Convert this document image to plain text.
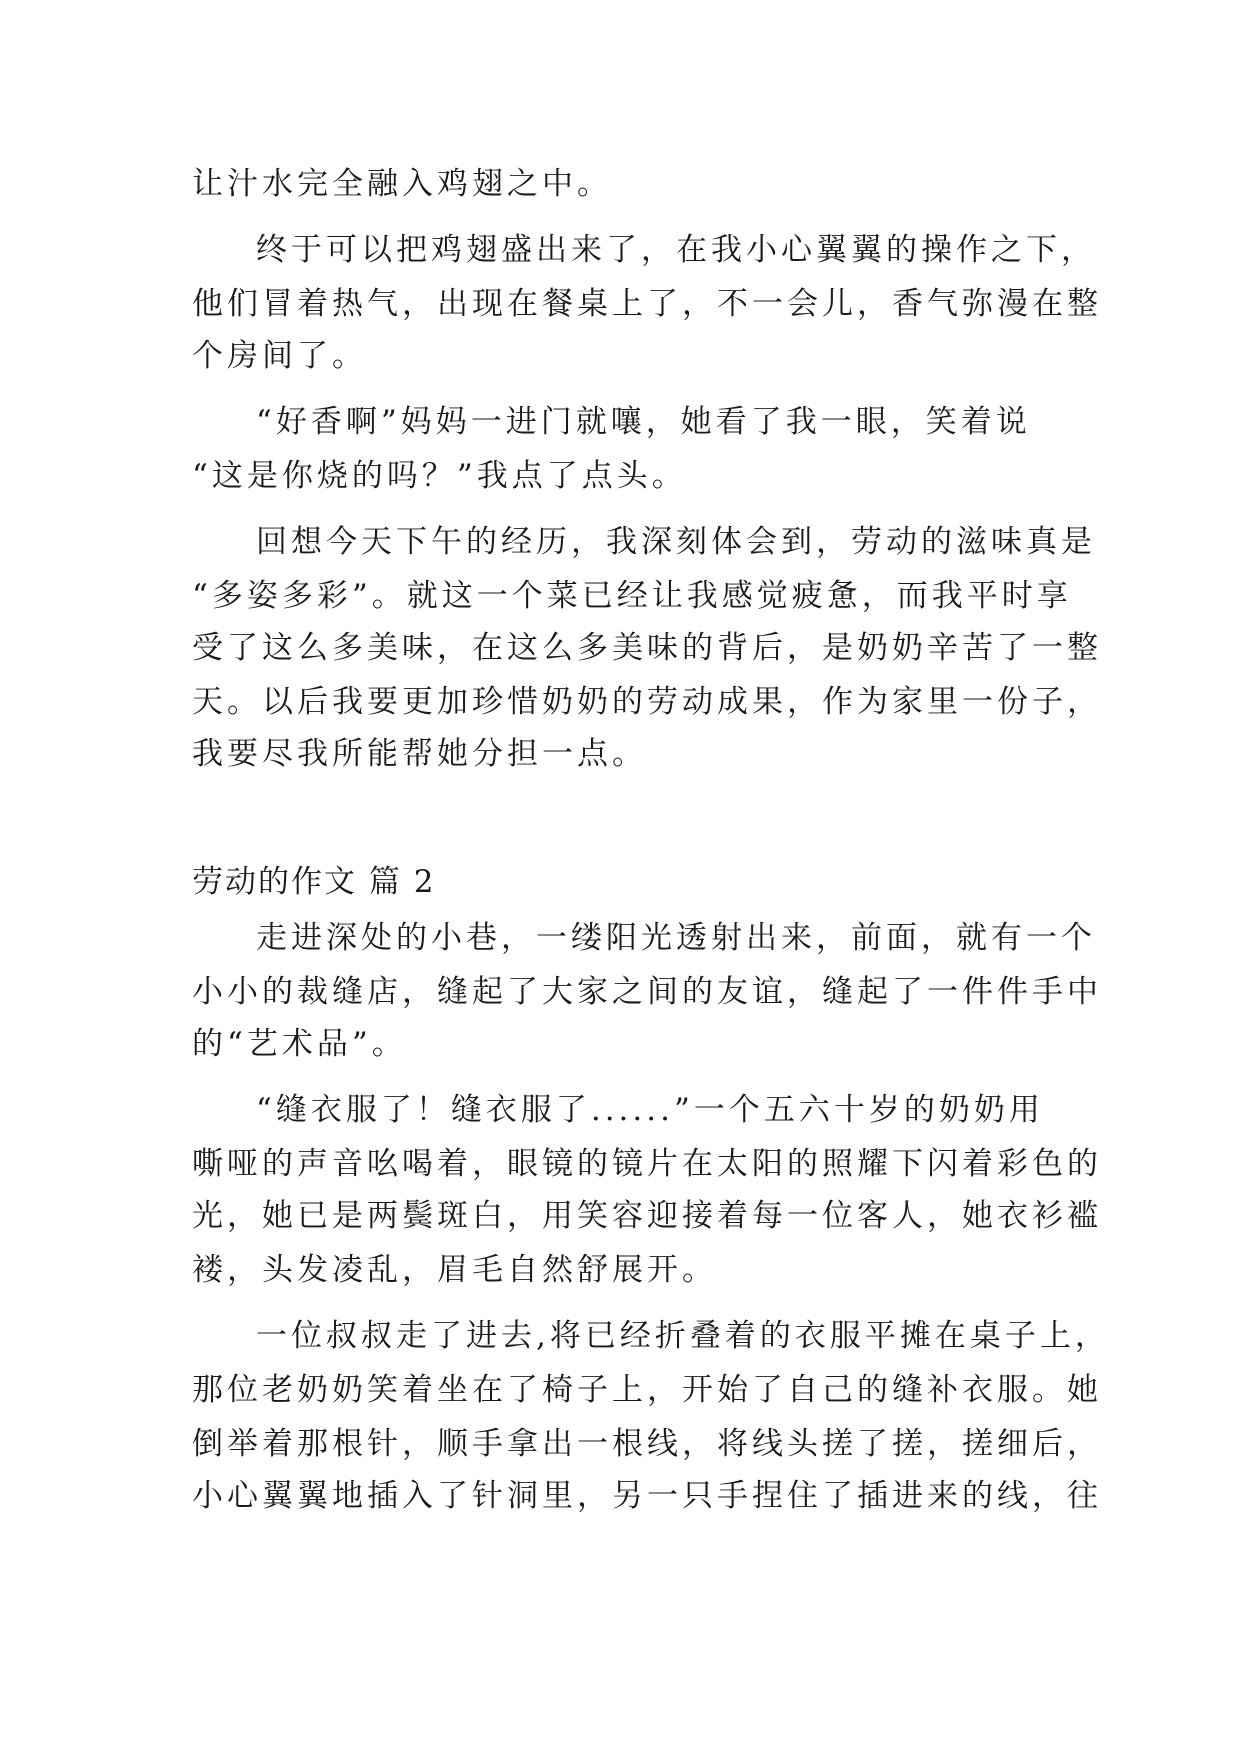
让汁水完全融入鸡翅之中。
终于可以把鸡翅盛出来了，在我小心翼翼的操作之下，
他们冒着热气，出现在餐桌上了，不一会儿，香气弥漫在整
个房间了。
“好香啊”妈妈一进门就嚷，她看了我一眼，笑着说
“这是你烧的吗？”我点了点头。
回想今天下午的经历，我深刻体会到，劳动的滋味真是
“多姿多彩”。就这一个菜已经让我感觉疲惫，而我平时享
受了这么多美味，在这么多美味的背后，是奶奶辛苦了一整
天。以后我要更加珍惜奶奶的劳动成果，作为家里一份子，
我要尽我所能帮她分担一点。
劳动的作文 篇 2
走进深处的小巷，一缕阳光透射出来，前面，就有一个
小小的裁缝店，缝起了大家之间的友谊，缝起了一件件手中
的“艺术品”。
“缝衣服了！缝衣服了......”一个五六十岁的奶奶用
嘶哑的声音吆喝着，眼镜的镜片在太阳的照耀下闪着彩色的
光，她已是两鬓斑白，用笑容迎接着每一位客人，她衣衫褴
褛，头发凌乱，眉毛自然舒展开。
一位叔叔走了进去,将已经折叠着的衣服平摊在桌子上，
那位老奶奶笑着坐在了椅子上，开始了自己的缝补衣服。她
倒举着那根针，顺手拿出一根线，将线头搓了搓，搓细后，
小心翼翼地插入了针洞里，另一只手捏住了插进来的线，往
